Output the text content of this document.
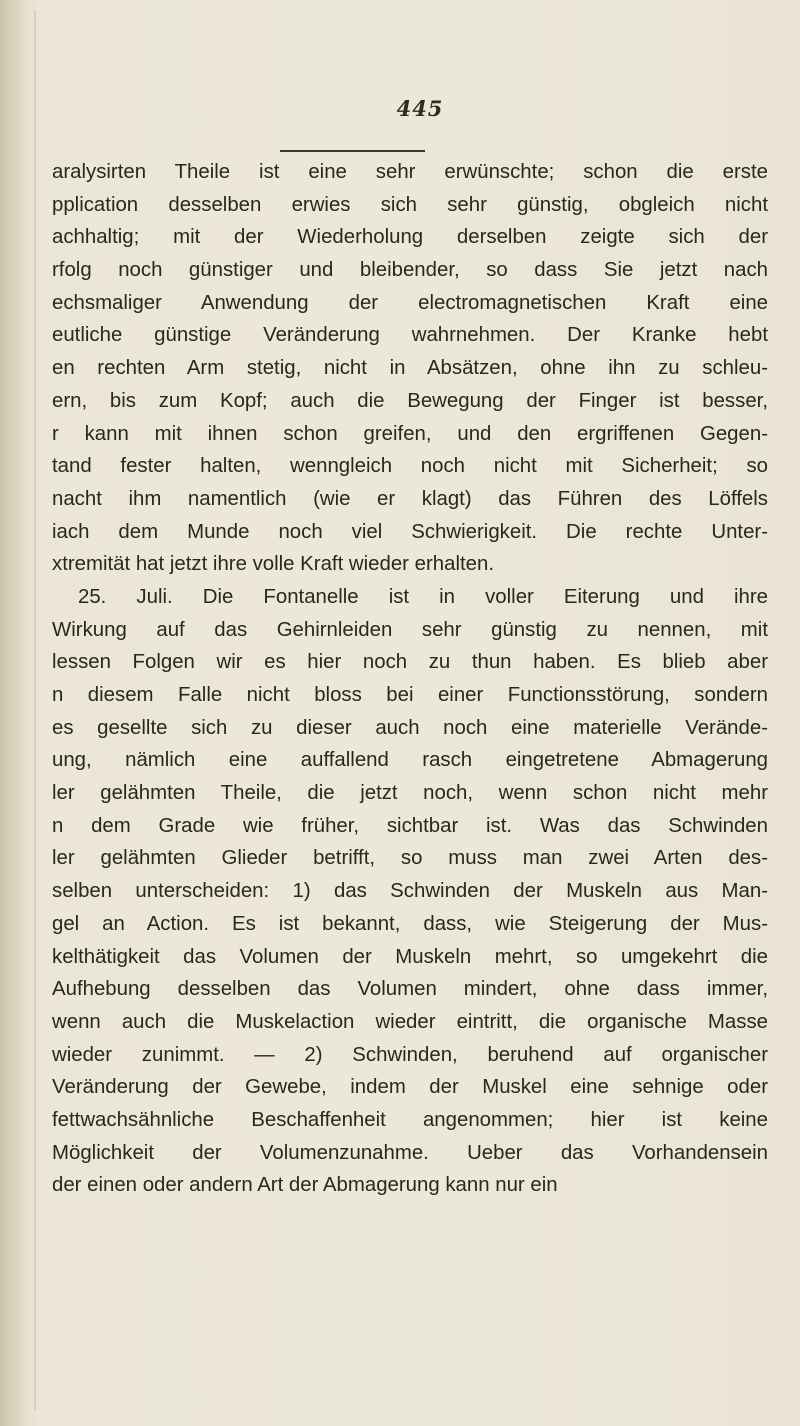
445
aralysirten Theile ist eine sehr erwünschte; schon die erste
pplication desselben erwies sich sehr günstig, obgleich nicht
achhaltig; mit der Wiederholung derselben zeigte sich der
rfolg noch günstiger und bleibender, so dass Sie jetzt nach
echsmaliger Anwendung der electromagnetischen Kraft eine
eutliche günstige Veränderung wahrnehmen. Der Kranke hebt
en rechten Arm stetig, nicht in Absätzen, ohne ihn zu schleu-
ern, bis zum Kopf; auch die Bewegung der Finger ist besser,
r kann mit ihnen schon greifen, und den ergriffenen Gegen-
tand fester halten, wenngleich noch nicht mit Sicherheit; so
nacht ihm namentlich (wie er klagt) das Führen des Löffels
iach dem Munde noch viel Schwierigkeit. Die rechte Unter-
xtremität hat jetzt ihre volle Kraft wieder erhalten.
25. Juli. Die Fontanelle ist in voller Eiterung und ihre
Wirkung auf das Gehirnleiden sehr günstig zu nennen, mit
lessen Folgen wir es hier noch zu thun haben. Es blieb aber
n diesem Falle nicht bloss bei einer Functionsstörung, sondern
es gesellte sich zu dieser auch noch eine materielle Verände-
ung, nämlich eine auffallend rasch eingetretene Abmagerung
ler gelähmten Theile, die jetzt noch, wenn schon nicht mehr
n dem Grade wie früher, sichtbar ist. Was das Schwinden
ler gelähmten Glieder betrifft, so muss man zwei Arten des-
selben unterscheiden: 1) das Schwinden der Muskeln aus Man-
gel an Action. Es ist bekannt, dass, wie Steigerung der Mus-
kelthätigkeit das Volumen der Muskeln mehrt, so umgekehrt die
Aufhebung desselben das Volumen mindert, ohne dass immer,
wenn auch die Muskelaction wieder eintritt, die organische Masse
wieder zunimmt. — 2) Schwinden, beruhend auf organischer
Veränderung der Gewebe, indem der Muskel eine sehnige oder
fettwachsähnliche Beschaffenheit angenommen; hier ist keine
Möglichkeit der Volumenzunahme. Ueber das Vorhandensein
der einen oder andern Art der Abmagerung kann nur ein
